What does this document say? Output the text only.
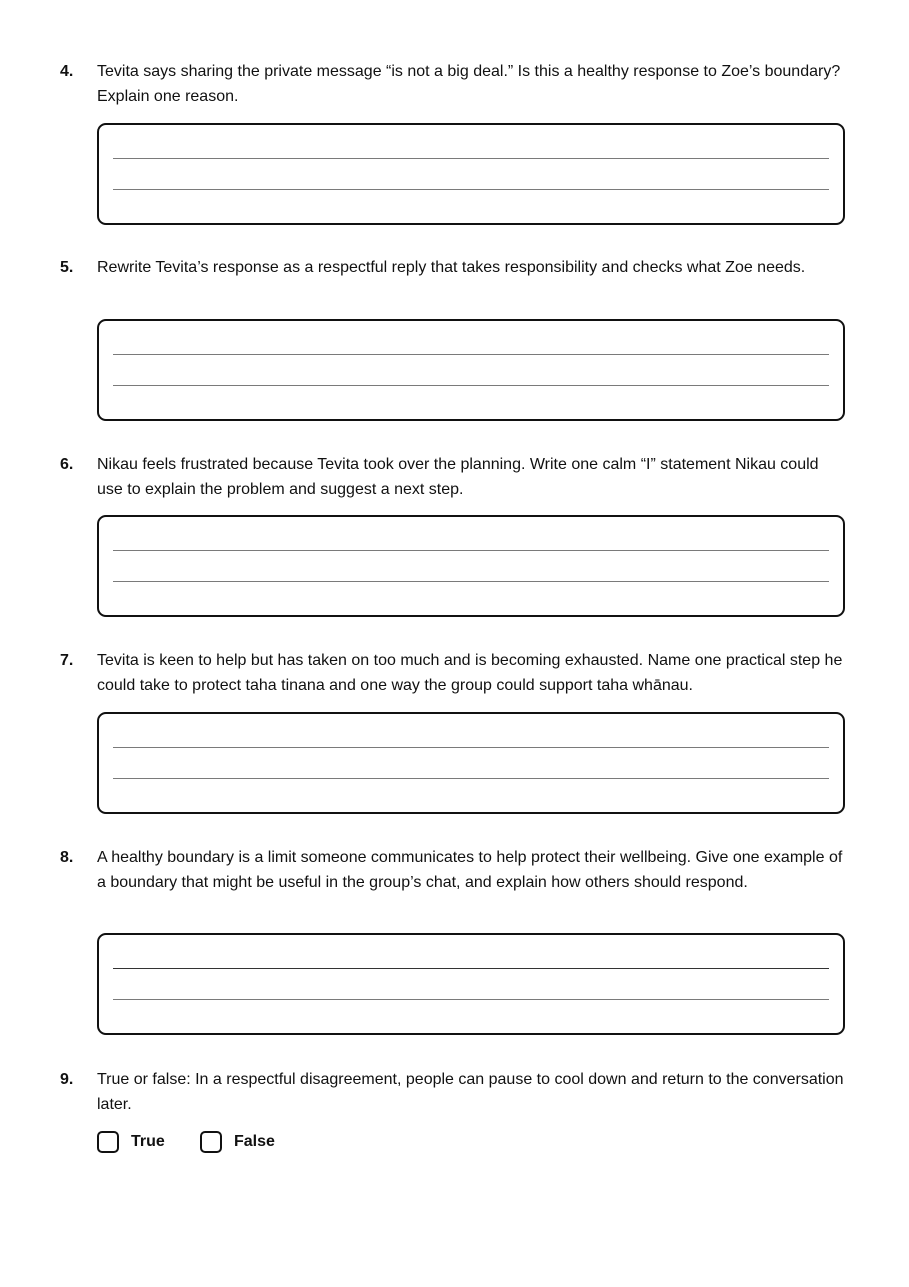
4. Tevita says sharing the private message “is not a big deal.” Is this a healthy response to Zoe’s boundary? Explain one reason.
5. Rewrite Tevita’s response as a respectful reply that takes responsibility and checks what Zoe needs.
6. Nikau feels frustrated because Tevita took over the planning. Write one calm “I” statement Nikau could use to explain the problem and suggest a next step.
7. Tevita is keen to help but has taken on too much and is becoming exhausted. Name one practical step he could take to protect taha tinana and one way the group could support taha whānau.
8. A healthy boundary is a limit someone communicates to help protect their wellbeing. Give one example of a boundary that might be useful in the group’s chat, and explain how others should respond.
9. True or false: In a respectful disagreement, people can pause to cool down and return to the conversation later.
True	False
